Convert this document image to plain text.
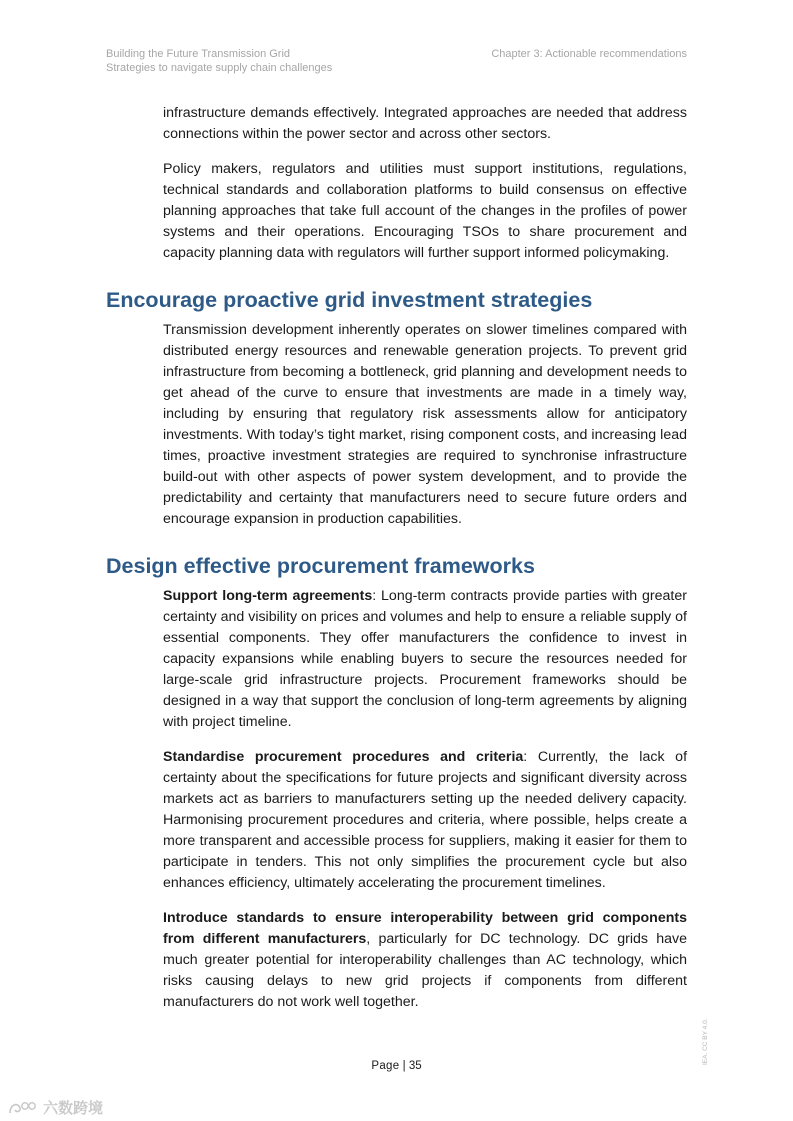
Building the Future Transmission Grid
Strategies to navigate supply chain challenges
Chapter 3: Actionable recommendations

infrastructure demands effectively. Integrated approaches are needed that address connections within the power sector and across other sectors.

Policy makers, regulators and utilities must support institutions, regulations, technical standards and collaboration platforms to build consensus on effective planning approaches that take full account of the changes in the profiles of power systems and their operations. Encouraging TSOs to share procurement and capacity planning data with regulators will further support informed policymaking.

Encourage proactive grid investment strategies

Transmission development inherently operates on slower timelines compared with distributed energy resources and renewable generation projects. To prevent grid infrastructure from becoming a bottleneck, grid planning and development needs to get ahead of the curve to ensure that investments are made in a timely way, including by ensuring that regulatory risk assessments allow for anticipatory investments. With today’s tight market, rising component costs, and increasing lead times, proactive investment strategies are required to synchronise infrastructure build-out with other aspects of power system development, and to provide the predictability and certainty that manufacturers need to secure future orders and encourage expansion in production capabilities.

Design effective procurement frameworks

Support long-term agreements: Long-term contracts provide parties with greater certainty and visibility on prices and volumes and help to ensure a reliable supply of essential components. They offer manufacturers the confidence to invest in capacity expansions while enabling buyers to secure the resources needed for large-scale grid infrastructure projects. Procurement frameworks should be designed in a way that support the conclusion of long-term agreements by aligning with project timeline.

Standardise procurement procedures and criteria: Currently, the lack of certainty about the specifications for future projects and significant diversity across markets act as barriers to manufacturers setting up the needed delivery capacity. Harmonising procurement procedures and criteria, where possible, helps create a more transparent and accessible process for suppliers, making it easier for them to participate in tenders. This not only simplifies the procurement cycle but also enhances efficiency, ultimately accelerating the procurement timelines.

Introduce standards to ensure interoperability between grid components from different manufacturers, particularly for DC technology. DC grids have much greater potential for interoperability challenges than AC technology, which risks causing delays to new grid projects if components from different manufacturers do not work well together.

Page | 35
IEA. CC BY 4.0.
六数跨境
